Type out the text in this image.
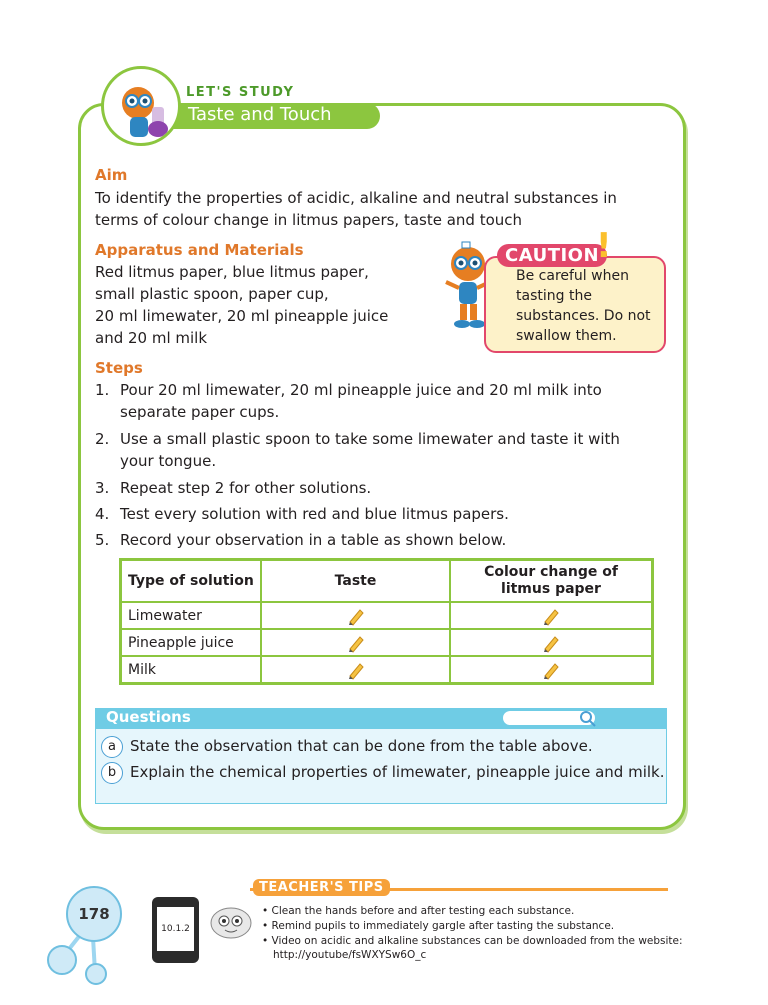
Taste and Touch
LET'S STUDY
Aim
To identify the properties of acidic, alkaline and neutral substances in
terms of colour change in litmus papers, taste and touch
Apparatus and Materials
Red litmus paper, blue litmus paper,
small plastic spoon, paper cup,
20 ml limewater, 20 ml pineapple juice
and 20 ml milk
CAUTION
!
Be careful when
tasting the
substances. Do not
swallow them.
Steps
1. Pour 20 ml limewater, 20 ml pineapple juice and 20 ml milk into
separate paper cups.
2. Use a small plastic spoon to take some limewater and taste it with
your tongue.
3. Repeat step 2 for other solutions.
4. Test every solution with red and blue litmus papers.
5. Record your observation in a table as shown below.
Type of solution	Taste	Colour change of
litmus paper

Limewater	

Pineapple juice	

Milk	

Questions
a State the observation that can be done from the table above.
b Explain the chemical properties of limewater, pineapple juice and milk.
178
10.1.2
TEACHER'S TIPS
• Clean the hands before and after testing each substance.
• Remind pupils to immediately gargle after tasting the substance.
• Video on acidic and alkaline substances can be downloaded from the website:
http://youtube/fsWXYSw6O_c
